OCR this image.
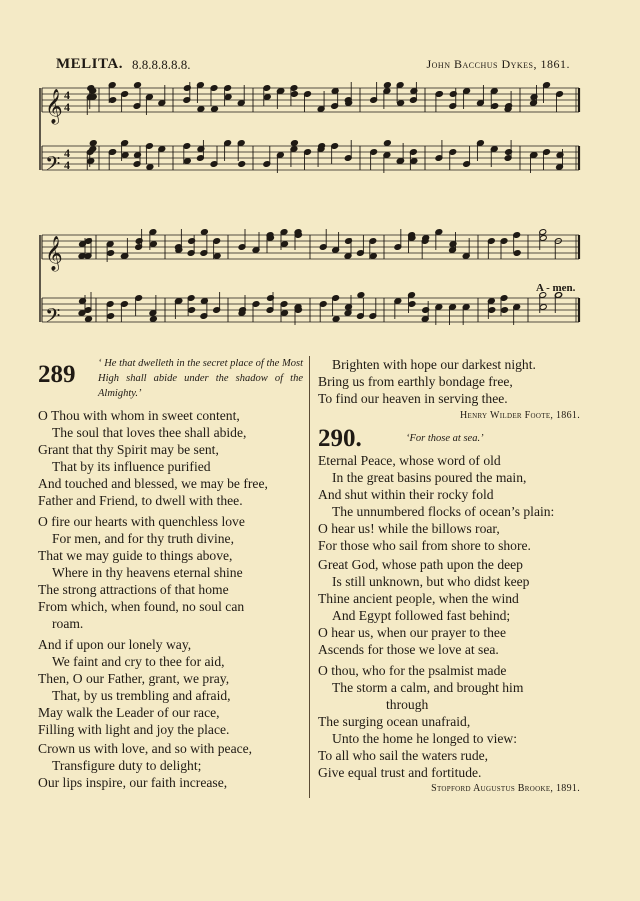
MELITA. 8.8.8.8.8.8.	John Bacchus Dykes, 1861.
𝄞 4
4
𝄢 4
4
𝄞
𝄢
A - men.
289 ‘ He that dwelleth in the secret place of the Most High shall abide under the shadow of the Almighty.’
O Thou with whom in sweet content,
The soul that loves thee shall abide,
Grant that thy Spirit may be sent,
That by its influence purified
And touched and blessed, we may be free,
Father and Friend, to dwell with thee.
O fire our hearts with quenchless love
For men, and for thy truth divine,
That we may guide to things above,
Where in thy heavens eternal shine
The strong attractions of that home
From which, when found, no soul can
roam.
And if upon our lonely way,
We faint and cry to thee for aid,
Then, O our Father, grant, we pray,
That, by us trembling and afraid,
May walk the Leader of our race,
Filling with light and joy the place.
Crown us with love, and so with peace,
Transfigure duty to delight;
Our lips inspire, our faith increase,
Brighten with hope our darkest night.
Bring us from earthly bondage free,
To find our heaven in serving thee.
Henry Wilder Foote, 1861.
290.	‘For those at sea.’
Eternal Peace, whose word of old
In the great basins poured the main,
And shut within their rocky fold
The unnumbered flocks of ocean’s plain:
O hear us! while the billows roar,
For those who sail from shore to shore.
Great God, whose path upon the deep
Is still unknown, but who didst keep
Thine ancient people, when the wind
And Egypt followed fast behind;
O hear us, when our prayer to thee
Ascends for those we love at sea.
O thou, who for the psalmist made
The storm a calm, and brought him
through
The surging ocean unafraid,
Unto the home he longed to view:
To all who sail the waters rude,
Give equal trust and fortitude.
Stopford Augustus Brooke, 1891.
